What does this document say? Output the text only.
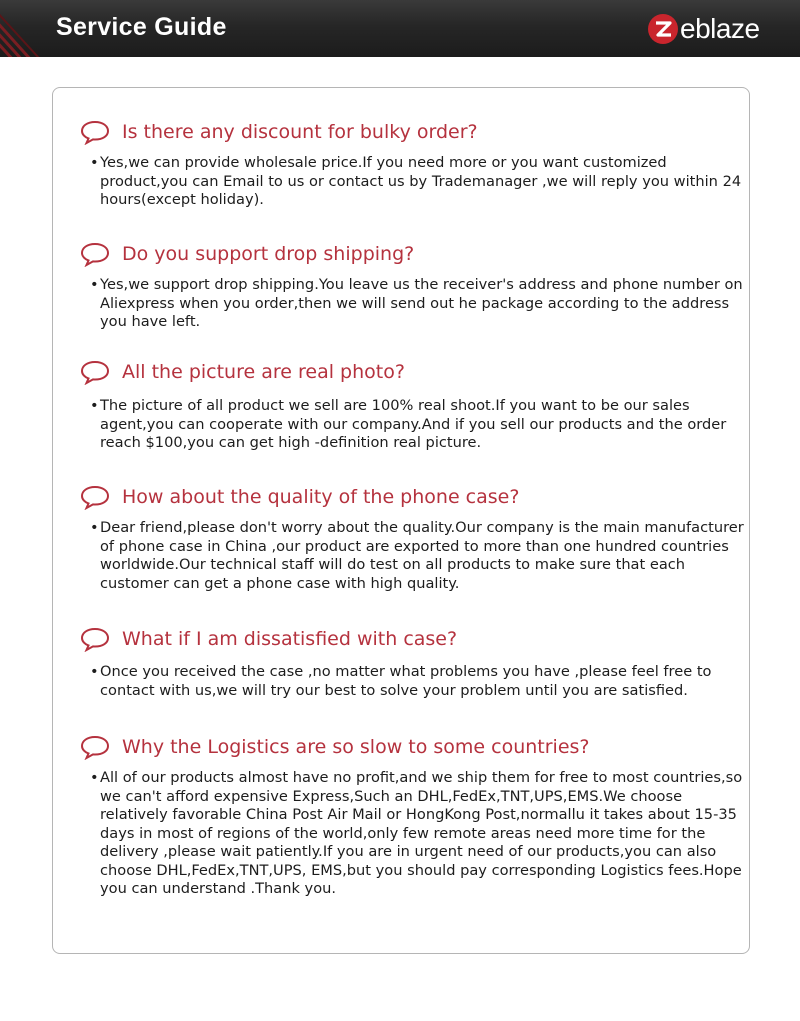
Service Guide	eblaze
Is there any discount for bulky order?
• Yes,we can provide wholesale price.If you need more or you want customized product,you can Email to us or contact us by Trademanager ,we will reply you within 24 hours(except holiday).
Do you support drop shipping?
• Yes,we support drop shipping.You leave us the receiver's address and phone number on Aliexpress when you order,then we will send out he package according to the address you have left.
All the picture are real photo?
• The picture of all product we sell are 100% real shoot.If you want to be our sales agent,you can cooperate with our company.And if you sell our products and the order reach $100,you can get high -definition real picture.
How about the quality of the phone case?
• Dear friend,please don't worry about the quality.Our company is the main manufacturer of phone case in China ,our product are exported to more than one hundred countries worldwide.Our technical staff will do test on all products to make sure that each customer can get a phone case with high quality.
What if I am dissatisfied with case?
• Once you received the case ,no matter what problems you have ,please feel free to contact with us,we will try our best to solve your problem until you are satisfied.
Why the Logistics are so slow to some countries?
• All of our products almost have no profit,and we ship them for free to most countries,so we can't afford expensive Express,Such an DHL,FedEx,TNT,UPS,EMS.We choose relatively favorable China Post Air Mail or HongKong Post,normallu it takes about 15-35 days in most of regions of the world,only few remote areas need more time for the delivery ,please wait patiently.If you are in urgent need of our products,you can also choose DHL,FedEx,TNT,UPS, EMS,but you should pay corresponding Logistics fees.Hope you can understand .Thank you.
